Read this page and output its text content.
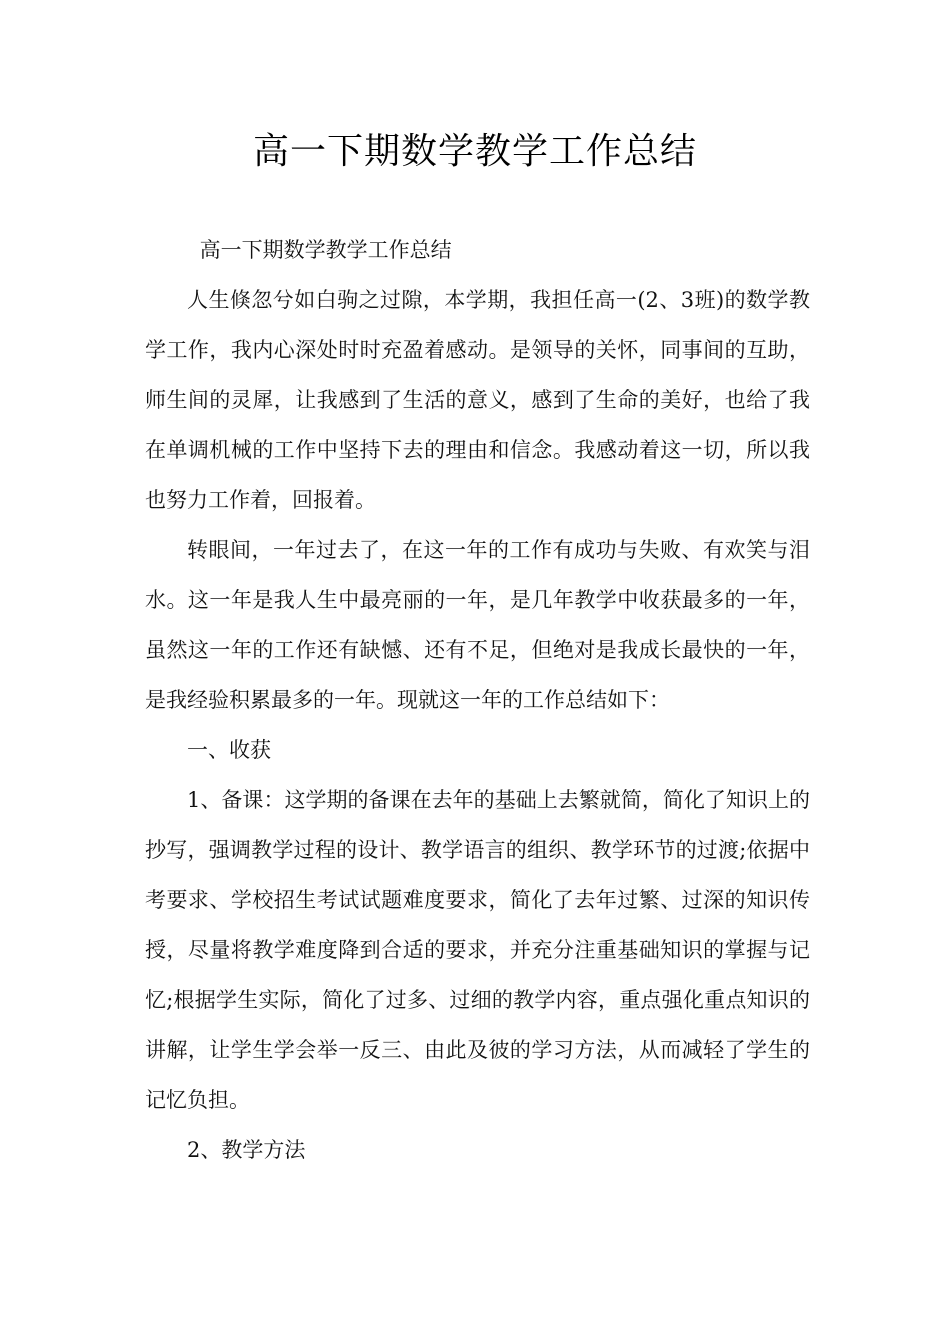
高一下期数学教学工作总结

高一下期数学教学工作总结

人生倏忽兮如白驹之过隙，本学期，我担任高一(2、3班)的数学教学工作，我内心深处时时充盈着感动。是领导的关怀，同事间的互助，师生间的灵犀，让我感到了生活的意义，感到了生命的美好，也给了我在单调机械的工作中坚持下去的理由和信念。我感动着这一切，所以我也努力工作着，回报着。

转眼间，一年过去了，在这一年的工作有成功与失败、有欢笑与泪水。这一年是我人生中最亮丽的一年，是几年教学中收获最多的一年，虽然这一年的工作还有缺憾、还有不足，但绝对是我成长最快的一年，是我经验积累最多的一年。现就这一年的工作总结如下：

一、收获

1、备课：这学期的备课在去年的基础上去繁就简，简化了知识上的抄写，强调教学过程的设计、教学语言的组织、教学环节的过渡;依据中考要求、学校招生考试试题难度要求，简化了去年过繁、过深的知识传授，尽量将教学难度降到合适的要求，并充分注重基础知识的掌握与记忆;根据学生实际，简化了过多、过细的教学内容，重点强化重点知识的讲解，让学生学会举一反三、由此及彼的学习方法，从而减轻了学生的记忆负担。

2、教学方法
